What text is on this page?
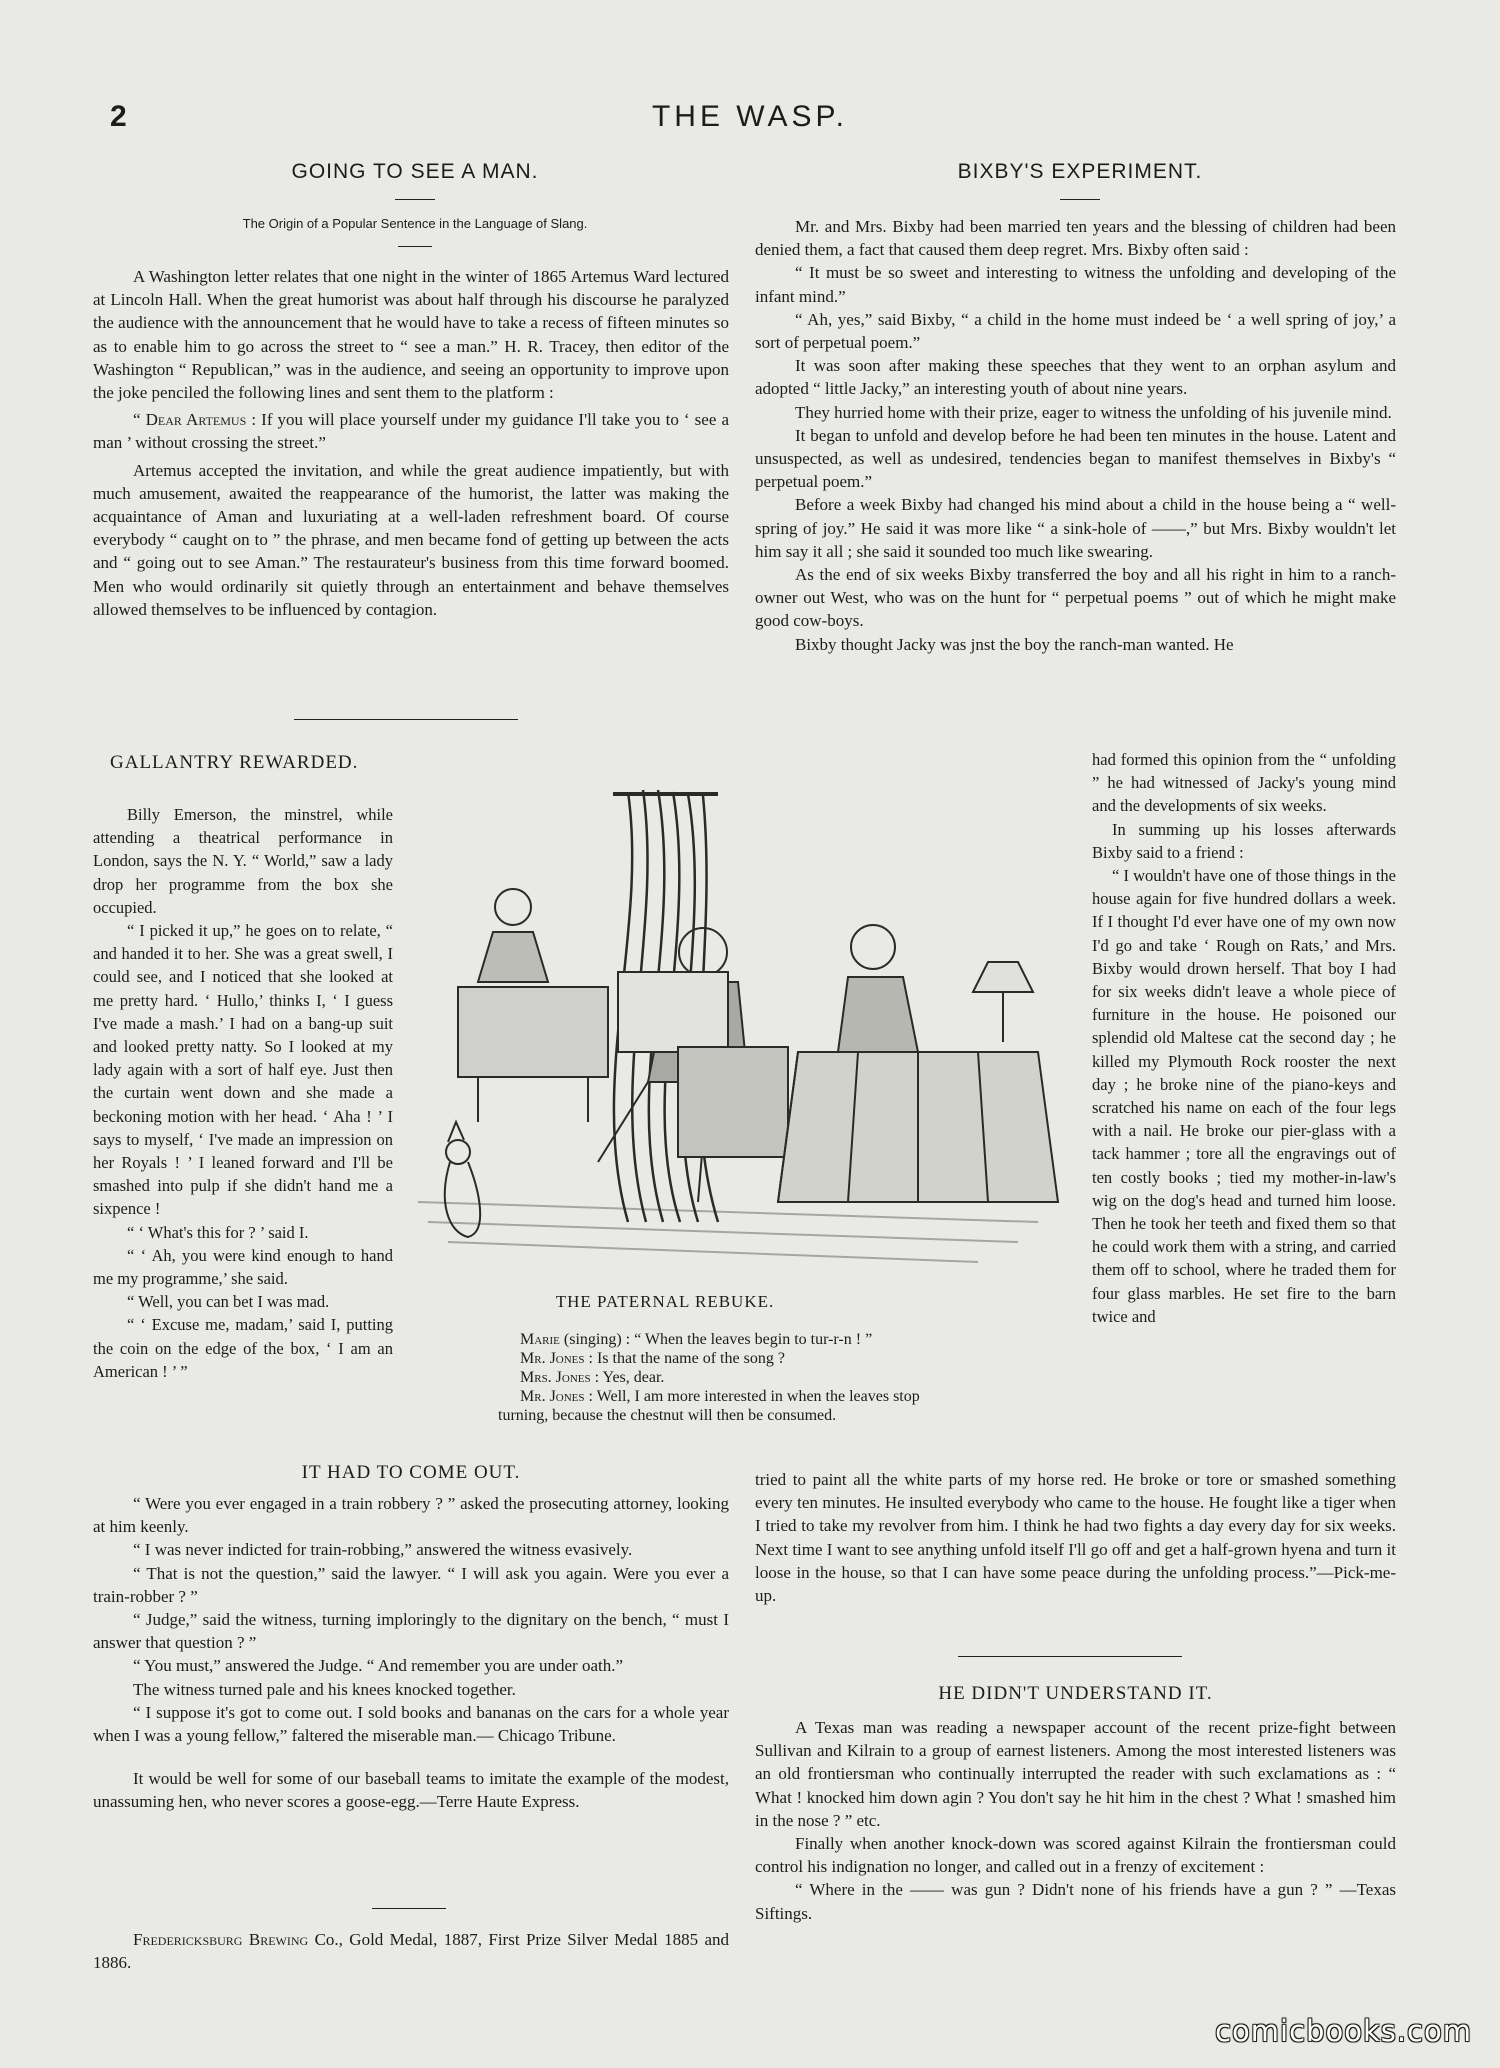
2	THE WASP.
GOING TO SEE A MAN.
The Origin of a Popular Sentence in the Language of Slang.

A Washington letter relates that one night in the winter of 1865 Artemus Ward lectured at Lincoln Hall. When the great humorist was about half through his discourse he paralyzed the audience with the announcement that he would have to take a recess of fifteen minutes so as to enable him to go across the street to “ see a man.” H. R. Tracey, then editor of the Washington “ Republican,” was in the audience, and seeing an opportunity to improve upon the joke penciled the following lines and sent them to the platform :

“ Dear Artemus : If you will place yourself under my guidance I'll take you to ‘ see a man ’ without crossing the street.”

Artemus accepted the invitation, and while the great audience impatiently, but with much amusement, awaited the reappearance of the humorist, the latter was making the acquaintance of Aman and luxuriating at a well-laden refreshment board. Of course everybody “ caught on to ” the phrase, and men became fond of getting up between the acts and “ going out to see Aman.” The restaurateur's business from this time forward boomed. Men who would ordinarily sit quietly through an entertainment and behave themselves allowed themselves to be influenced by contagion.

GALLANTRY REWARDED.

Billy Emerson, the minstrel, while attending a theatrical performance in London, says the N. Y. “ World,” saw a lady drop her programme from the box she occupied.

“ I picked it up,” he goes on to relate, “ and handed it to her. She was a great swell, I could see, and I noticed that she looked at me pretty hard. ‘ Hullo,’ thinks I, ‘ I guess I've made a mash.’ I had on a bang-up suit and looked pretty natty. So I looked at my lady again with a sort of half eye. Just then the curtain went down and she made a beckoning motion with her head. ‘ Aha ! ’ I says to myself, ‘ I've made an impression on her Royals ! ’ I leaned forward and I'll be smashed into pulp if she didn't hand me a sixpence !

“ ‘ What's this for ? ’ said I.

“ ‘ Ah, you were kind enough to hand me my programme,’ she said.

“ Well, you can bet I was mad.

“ ‘ Excuse me, madam,’ said I, putting the coin on the edge of the box, ‘ I am an American ! ’ ”

THE PATERNAL REBUKE.

Marie (singing) : “ When the leaves begin to tur-r-n ! ”

Mr. Jones : Is that the name of the song ?

Mrs. Jones : Yes, dear.

Mr. Jones : Well, I am more interested in when the leaves stop turning, because the chestnut will then be consumed.

IT HAD TO COME OUT.

“ Were you ever engaged in a train robbery ? ” asked the prosecuting attorney, looking at him keenly.

“ I was never indicted for train-robbing,” answered the witness evasively.

“ That is not the question,” said the lawyer. “ I will ask you again. Were you ever a train-robber ? ”

“ Judge,” said the witness, turning imploringly to the dignitary on the bench, “ must I answer that question ? ”

“ You must,” answered the Judge. “ And remember you are under oath.”

The witness turned pale and his knees knocked together.

“ I suppose it's got to come out. I sold books and bananas on the cars for a whole year when I was a young fellow,” faltered the miserable man.— Chicago Tribune.

It would be well for some of our baseball teams to imitate the example of the modest, unassuming hen, who never scores a goose-egg.—Terre Haute Express.

Fredericksburg Brewing Co., Gold Medal, 1887, First Prize Silver Medal 1885 and 1886.

BIXBY'S EXPERIMENT.

Mr. and Mrs. Bixby had been married ten years and the blessing of children had been denied them, a fact that caused them deep regret. Mrs. Bixby often said :

“ It must be so sweet and interesting to witness the unfolding and developing of the infant mind.”

“ Ah, yes,” said Bixby, “ a child in the home must indeed be ‘ a well spring of joy,’ a sort of perpetual poem.”

It was soon after making these speeches that they went to an orphan asylum and adopted “ little Jacky,” an interesting youth of about nine years.

They hurried home with their prize, eager to witness the unfolding of his juvenile mind.

It began to unfold and develop before he had been ten minutes in the house. Latent and unsuspected, as well as undesired, tendencies began to manifest themselves in Bixby's “ perpetual poem.”

Before a week Bixby had changed his mind about a child in the house being a “ well-spring of joy.” He said it was more like “ a sink-hole of ——,” but Mrs. Bixby wouldn't let him say it all ; she said it sounded too much like swearing.

As the end of six weeks Bixby transferred the boy and all his right in him to a ranch-owner out West, who was on the hunt for “ perpetual poems ” out of which he might make good cow-boys.

Bixby thought Jacky was jnst the boy the ranch-man wanted. He

had formed this opinion from the “ unfolding ” he had witnessed of Jacky's young mind and the developments of six weeks.

In summing up his losses afterwards Bixby said to a friend :

“ I wouldn't have one of those things in the house again for five hundred dollars a week. If I thought I'd ever have one of my own now I'd go and take ‘ Rough on Rats,’ and Mrs. Bixby would drown herself. That boy I had for six weeks didn't leave a whole piece of furniture in the house. He poisoned our splendid old Maltese cat the second day ; he killed my Plymouth Rock rooster the next day ; he broke nine of the piano-keys and scratched his name on each of the four legs with a nail. He broke our pier-glass with a tack hammer ; tore all the engravings out of ten costly books ; tied my mother-in-law's wig on the dog's head and turned him loose. Then he took her teeth and fixed them so that he could work them with a string, and carried them off to school, where he traded them for four glass marbles. He set fire to the barn twice and

tried to paint all the white parts of my horse red. He broke or tore or smashed something every ten minutes. He insulted everybody who came to the house. He fought like a tiger when I tried to take my revolver from him. I think he had two fights a day every day for six weeks. Next time I want to see anything unfold itself I'll go off and get a half-grown hyena and turn it loose in the house, so that I can have some peace during the unfolding process.”—Pick-me-up.

HE DIDN'T UNDERSTAND IT.

A Texas man was reading a newspaper account of the recent prize-fight between Sullivan and Kilrain to a group of earnest listeners. Among the most interested listeners was an old frontiersman who continually interrupted the reader with such exclamations as : “ What ! knocked him down agin ? You don't say he hit him in the chest ? What ! smashed him in the nose ? ” etc.

Finally when another knock-down was scored against Kilrain the frontiersman could control his indignation no longer, and called out in a frenzy of excitement :

“ Where in the —— was gun ? Didn't none of his friends have a gun ? ” —Texas Siftings.

comicbooks.com
